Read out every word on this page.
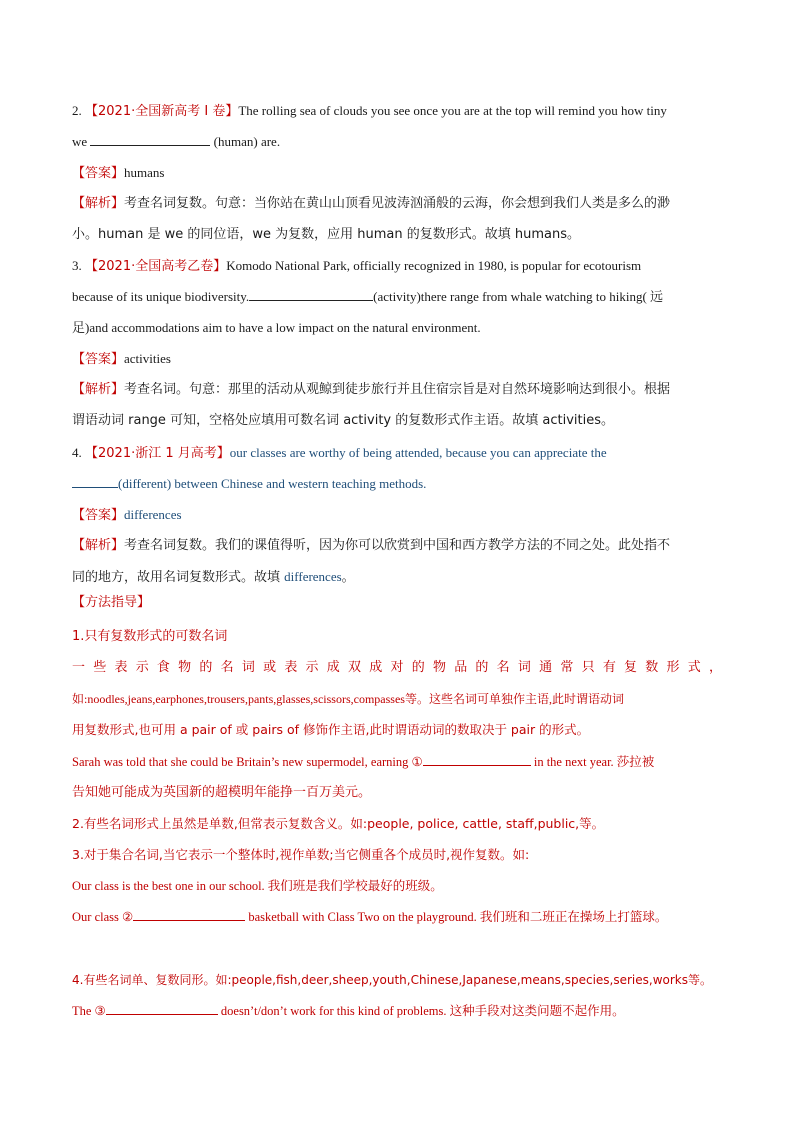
2. 【2021·全国新高考 I 卷】The rolling sea of clouds you see once you are at the top will remind you how tiny
we	(human) are.
【答案】humans
【解析】考查名词复数。句意：当你站在黄山山顶看见波涛汹涌般的云海，你会想到我们人类是多么的渺
小。human 是 we 的同位语，we 为复数，应用 human 的复数形式。故填 humans。
3. 【2021·全国高考乙卷】Komodo National Park, officially recognized in 1980, is popular for ecotourism
because of its unique biodiversity.	(activity)there range from whale watching to hiking( 远
足)and accommodations aim to have a low impact on the natural environment.
【答案】activities
【解析】考查名词。句意：那里的活动从观鲸到徒步旅行并且住宿宗旨是对自然环境影响达到很小。根据
谓语动词 range 可知，空格处应填用可数名词 activity 的复数形式作主语。故填 activities。
4. 【2021·浙江 1 月高考】our classes are worthy of being attended, because you can appreciate the
(different) between Chinese and western teaching methods.
【答案】differences
【解析】考查名词复数。我们的课值得听，因为你可以欣赏到中国和西方教学方法的不同之处。此处指不
同的地方，故用名词复数形式。故填 differences。
【方法指导】
1.只有复数形式的可数名词
一些表示食物的名词或表示成双成对的物品的名词通常只有复数形式，
如:noodles,jeans,earphones,trousers,pants,glasses,scissors,compasses等。这些名词可单独作主语,此时谓语动词
用复数形式,也可用 a pair of 或 pairs of 修饰作主语,此时谓语动词的数取决于 pair 的形式。
Sarah was told that she could be Britain’s new supermodel, earning ①	in the next year. 莎拉被
告知她可能成为英国新的超模明年能挣一百万美元。
2.有些名词形式上虽然是单数,但常表示复数含义。如:people, police, cattle, staff,public,等。
3.对于集合名词,当它表示一个整体时,视作单数;当它侧重各个成员时,视作复数。如:
Our class is the best one in our school. 我们班是我们学校最好的班级。
Our class ②	basketball with Class Two on the playground. 我们班和二班正在操场上打篮球。
4.有些名词单、复数同形。如:people,fish,deer,sheep,youth,Chinese,Japanese,means,species,series,works等。
The ③	doesn’t/don’t work for this kind of problems. 这种手段对这类问题不起作用。
